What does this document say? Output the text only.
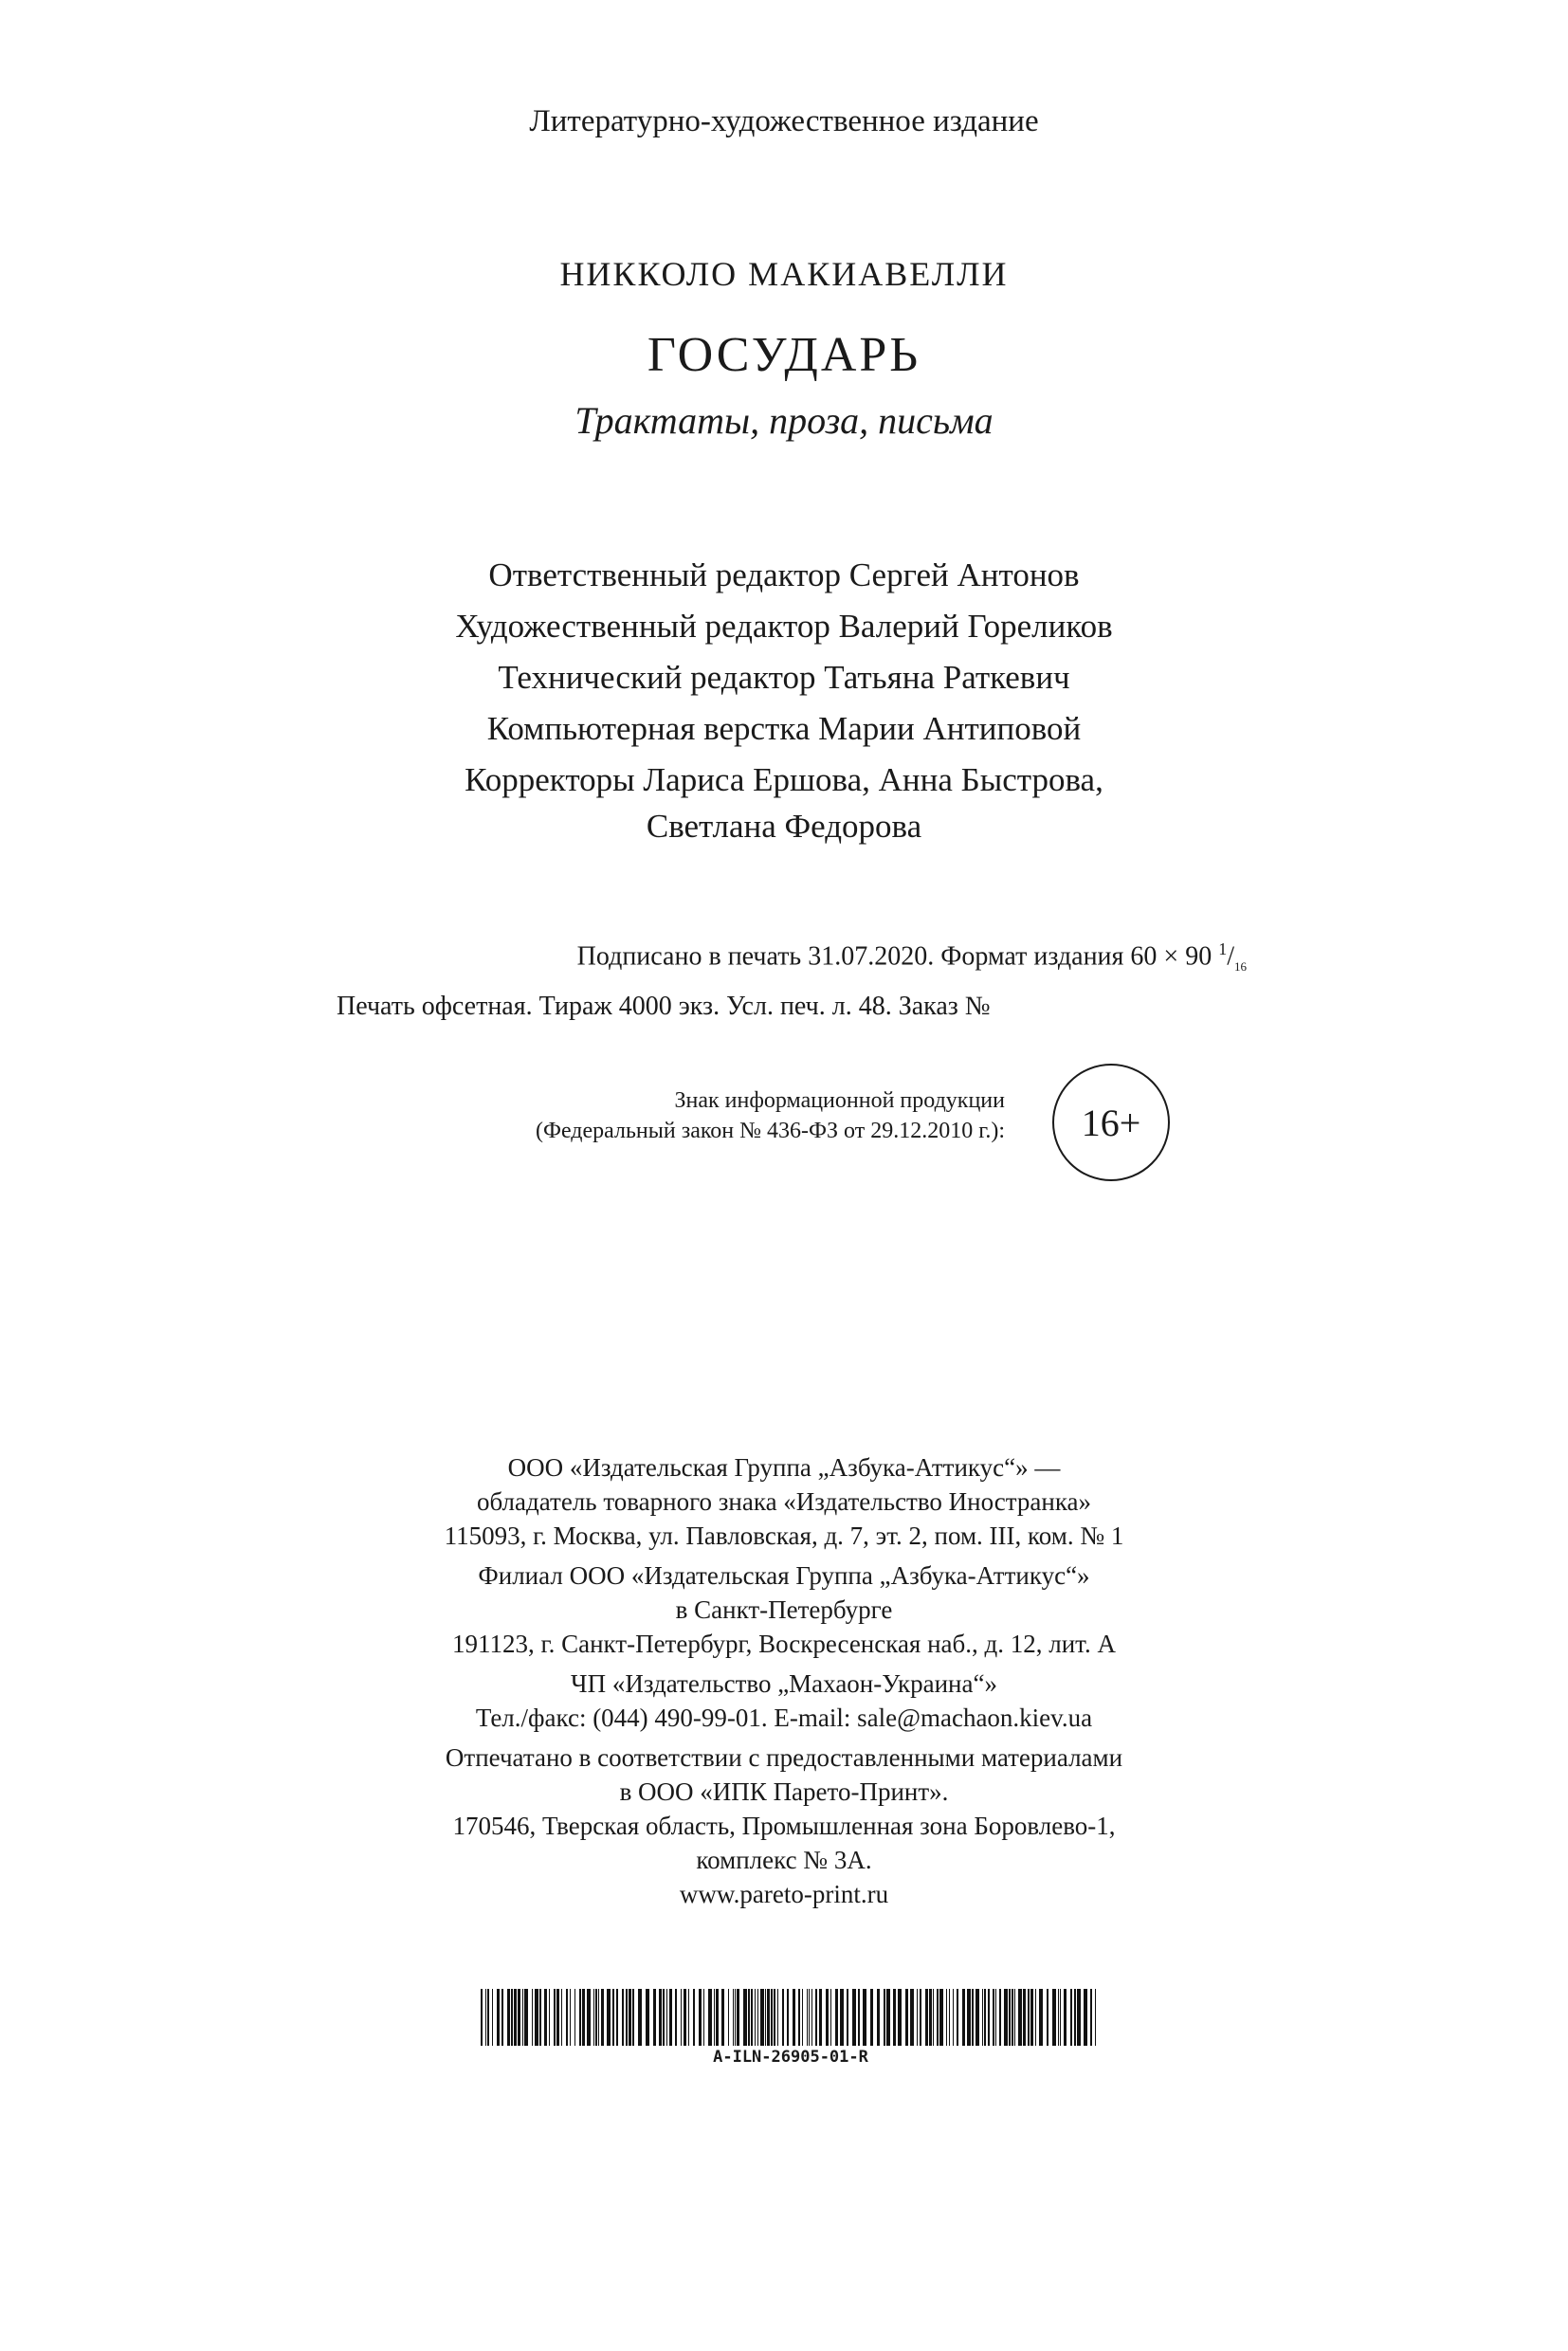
Литературно-художественное издание
НИККОЛО МАКИАВЕЛЛИ
ГОСУДАРЬ
Трактаты, проза, письма
Ответственный редактор Сергей Антонов
Художественный редактор Валерий Гореликов
Технический редактор Татьяна Раткевич
Компьютерная верстка Марии Антиповой
Корректоры Лариса Ершова, Анна Быстрова,
Светлана Федорова
Подписано в печать 31.07.2020. Формат издания 60 × 90 $^1/_{16}$
Печать офсетная. Тираж 4000 экз. Усл. печ. л. 48. Заказ №
Знак информационной продукции
(Федеральный закон № 436-ФЗ от 29.12.2010 г.):	16+
ООО «Издательская Группа „Азбука-Аттикус“» —
обладатель товарного знака «Издательство Иностранка»
115093, г. Москва, ул. Павловская, д. 7, эт. 2, пом. III, ком. № 1
Филиал ООО «Издательская Группа „Азбука-Аттикус“»
в Санкт-Петербурге
191123, г. Санкт-Петербург, Воскресенская наб., д. 12, лит. А
ЧП «Издательство „Махаон-Украина“»
Тел./факс: (044) 490-99-01. E-mail: sale@machaon.kiev.ua
Отпечатано в соответствии с предоставленными материалами
в ООО «ИПК Парето-Принт».
170546, Тверская область, Промышленная зона Боровлево-1,
комплекс № 3А.
www.pareto-print.ru
A-ILN-26905-01-R
